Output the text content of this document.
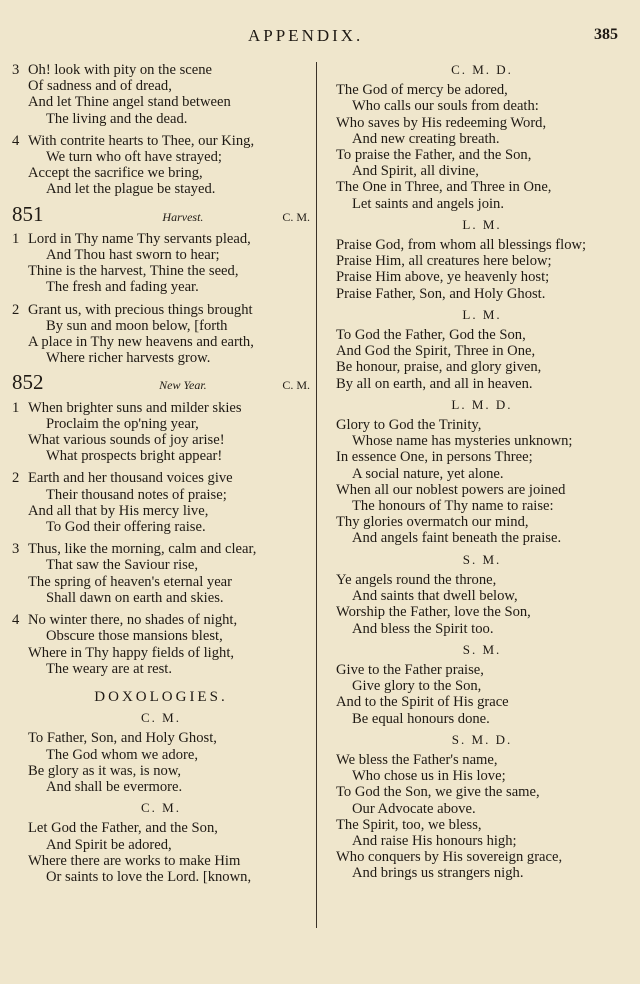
APPENDIX.	385
3 Oh! look with pity on the scene
Of sadness and of dread,
And let Thine angel stand between
The living and the dead.
4 With contrite hearts to Thee, our King,
We turn who oft have strayed;
Accept the sacrifice we bring,
And let the plague be stayed.
851	Harvest.	C. M.
1 Lord in Thy name Thy servants plead,
And Thou hast sworn to hear;
Thine is the harvest, Thine the seed,
The fresh and fading year.
2 Grant us, with precious things brought
By sun and moon below, [forth
A place in Thy new heavens and earth,
Where richer harvests grow.
852	New Year.	C. M.
1 When brighter suns and milder skies
Proclaim the op'ning year,
What various sounds of joy arise!
What prospects bright appear!
2 Earth and her thousand voices give
Their thousand notes of praise;
And all that by His mercy live,
To God their offering raise.
3 Thus, like the morning, calm and clear,
That saw the Saviour rise,
The spring of heaven's eternal year
Shall dawn on earth and skies.
4 No winter there, no shades of night,
Obscure those mansions blest,
Where in Thy happy fields of light,
The weary are at rest.
DOXOLOGIES.
C. M.
To Father, Son, and Holy Ghost,
The God whom we adore,
Be glory as it was, is now,
And shall be evermore.
C. M.
Let God the Father, and the Son,
And Spirit be adored,
Where there are works to make Him
Or saints to love the Lord. [known,
C. M. D.
The God of mercy be adored,
Who calls our souls from death:
Who saves by His redeeming Word,
And new creating breath.
To praise the Father, and the Son,
And Spirit, all divine,
The One in Three, and Three in One,
Let saints and angels join.
L. M.
Praise God, from whom all blessings flow;
Praise Him, all creatures here below;
Praise Him above, ye heavenly host;
Praise Father, Son, and Holy Ghost.
L. M.
To God the Father, God the Son,
And God the Spirit, Three in One,
Be honour, praise, and glory given,
By all on earth, and all in heaven.
L. M. D.
Glory to God the Trinity,
Whose name has mysteries unknown;
In essence One, in persons Three;
A social nature, yet alone.
When all our noblest powers are joined
The honours of Thy name to raise:
Thy glories overmatch our mind,
And angels faint beneath the praise.
S. M.
Ye angels round the throne,
And saints that dwell below,
Worship the Father, love the Son,
And bless the Spirit too.
S. M.
Give to the Father praise,
Give glory to the Son,
And to the Spirit of His grace
Be equal honours done.
S. M. D.
We bless the Father's name,
Who chose us in His love;
To God the Son, we give the same,
Our Advocate above.
The Spirit, too, we bless,
And raise His honours high;
Who conquers by His sovereign grace,
And brings us strangers nigh.
